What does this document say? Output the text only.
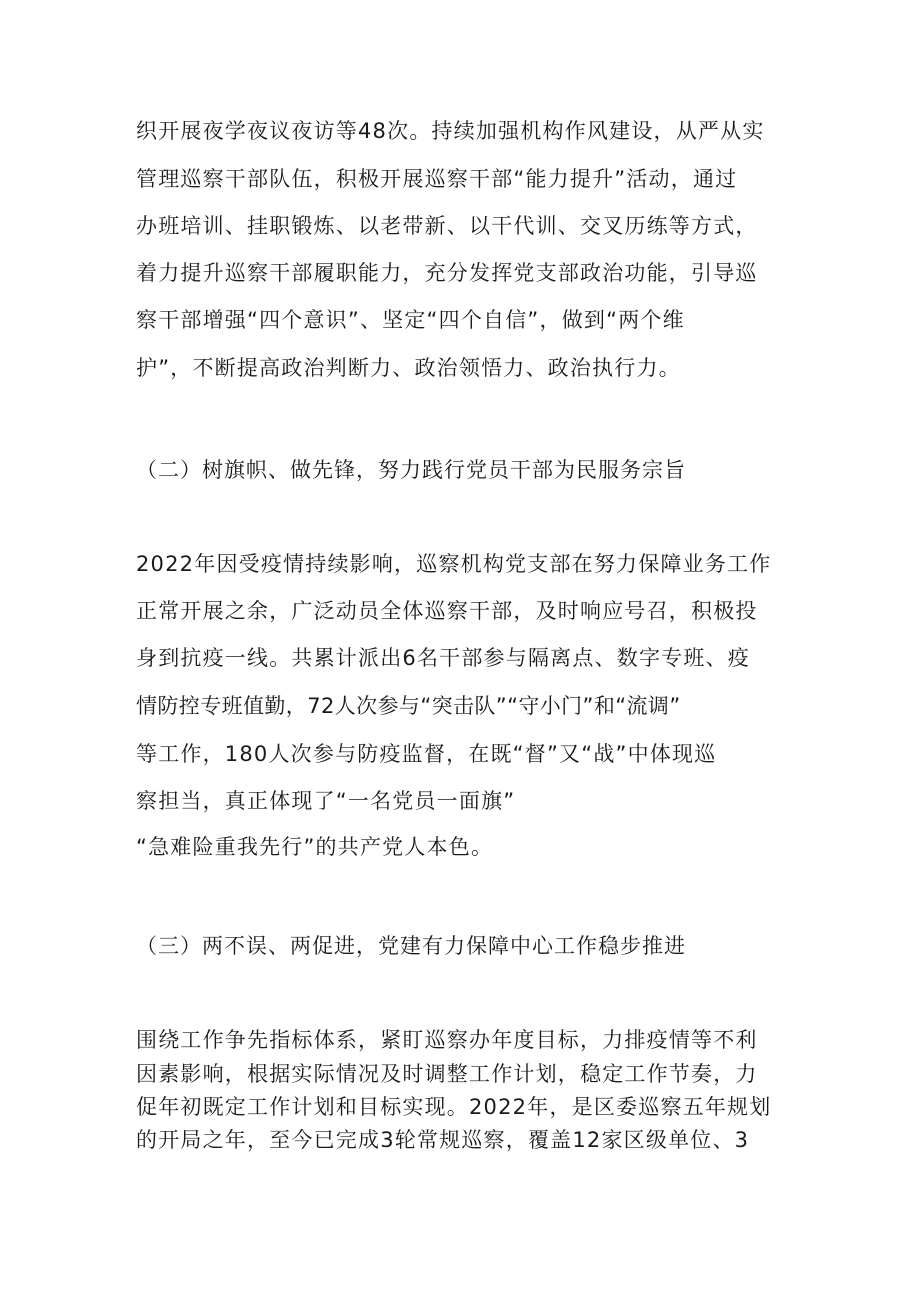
织开展夜学夜议夜访等48次。持续加强机构作风建设，从严从实
管理巡察干部队伍，积极开展巡察干部“能力提升”活动，通过
办班培训、挂职锻炼、以老带新、以干代训、交叉历练等方式，
着力提升巡察干部履职能力，充分发挥党支部政治功能，引导巡
察干部增强“四个意识”、坚定“四个自信”，做到“两个维
护”，不断提高政治判断力、政治领悟力、政治执行力。
（二）树旗帜、做先锋，努力践行党员干部为民服务宗旨
2022年因受疫情持续影响，巡察机构党支部在努力保障业务工作
正常开展之余，广泛动员全体巡察干部，及时响应号召，积极投
身到抗疫一线。共累计派出6名干部参与隔离点、数字专班、疫
情防控专班值勤，72人次参与“突击队”“守小门”和“流调”
等工作，180人次参与防疫监督，在既“督”又“战”中体现巡
察担当，真正体现了“一名党员一面旗”
“急难险重我先行”的共产党人本色。
（三）两不误、两促进，党建有力保障中心工作稳步推进
围绕工作争先指标体系，紧盯巡察办年度目标，力排疫情等不利
因素影响，根据实际情况及时调整工作计划，稳定工作节奏，力
促年初既定工作计划和目标实现。2022年，是区委巡察五年规划
的开局之年，至今已完成3轮常规巡察，覆盖12家区级单位、3
